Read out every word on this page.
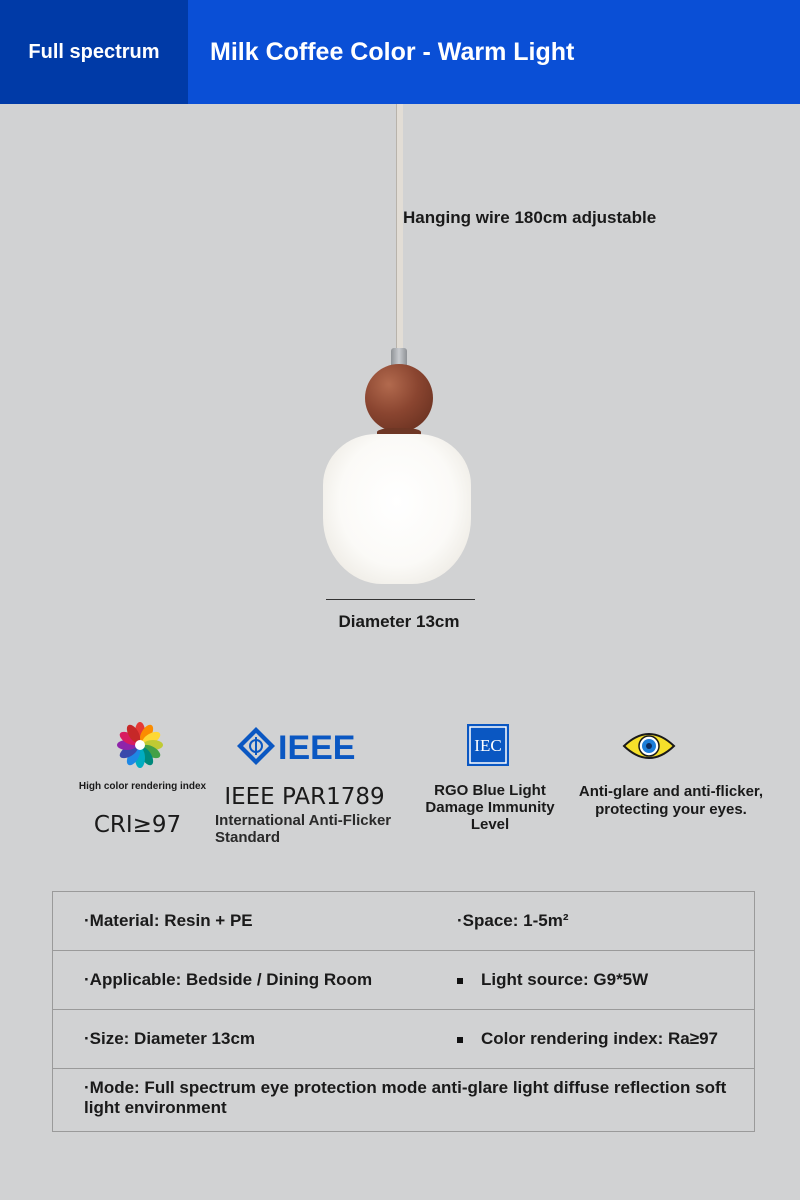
Full spectrum	Milk Coffee Color - Warm Light
Hanging wire 180cm adjustable
Diameter 13cm
High color rendering index
CRI≥97
IEEE
IEEE PAR1789
International Anti-Flicker Standard
IEC
RGO Blue Light Damage Immunity Level
Anti-glare and anti-flicker, protecting your eyes.
·Material: Resin + PE	·Space: 1-5m²
·Applicable: Bedside / Dining Room	Light source: G9*5W
·Size: Diameter 13cm	Color rendering index: Ra≥97
·Mode: Full spectrum eye protection mode anti-glare light diffuse reflection soft light environment
